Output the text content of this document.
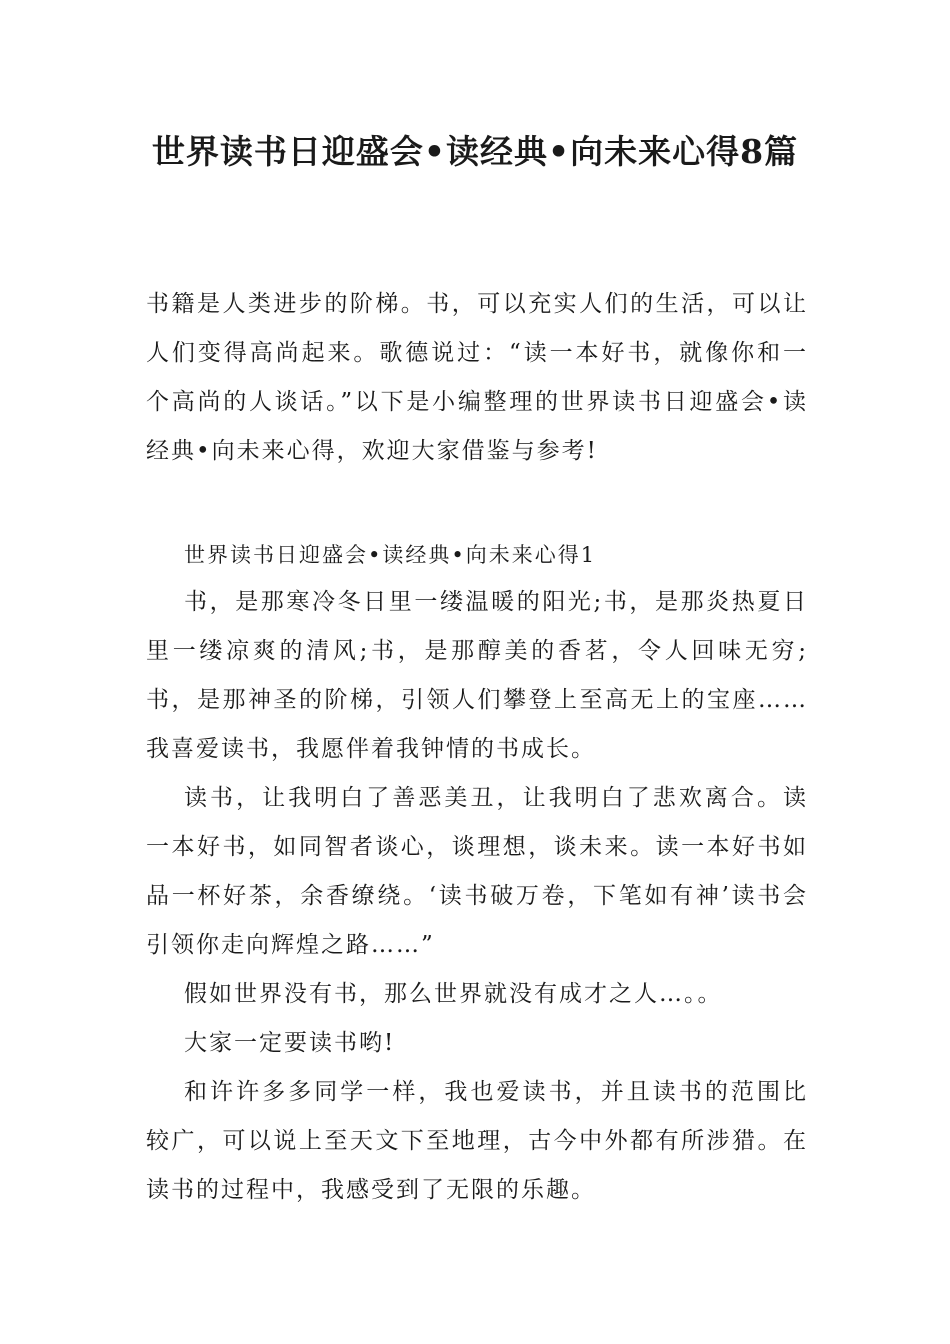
世界读书日迎盛会•读经典•向未来心得8篇

书籍是人类进步的阶梯。书，可以充实人们的生活，可以让人们变得高尚起来。歌德说过：“读一本好书，就像你和一个高尚的人谈话。”以下是小编整理的世界读书日迎盛会•读经典•向未来心得，欢迎大家借鉴与参考!

世界读书日迎盛会•读经典•向未来心得1

书，是那寒冷冬日里一缕温暖的阳光;书，是那炎热夏日里一缕凉爽的清风;书，是那醇美的香茗，令人回味无穷;书，是那神圣的阶梯，引领人们攀登上至高无上的宝座……我喜爱读书，我愿伴着我钟情的书成长。

读书，让我明白了善恶美丑，让我明白了悲欢离合。读一本好书，如同智者谈心，谈理想，谈未来。读一本好书如品一杯好茶，余香缭绕。‘读书破万卷，下笔如有神’读书会引领你走向辉煌之路……”

假如世界没有书，那么世界就没有成才之人…。。

大家一定要读书哟!

和许许多多同学一样，我也爱读书，并且读书的范围比较广，可以说上至天文下至地理，古今中外都有所涉猎。在读书的过程中，我感受到了无限的乐趣。
